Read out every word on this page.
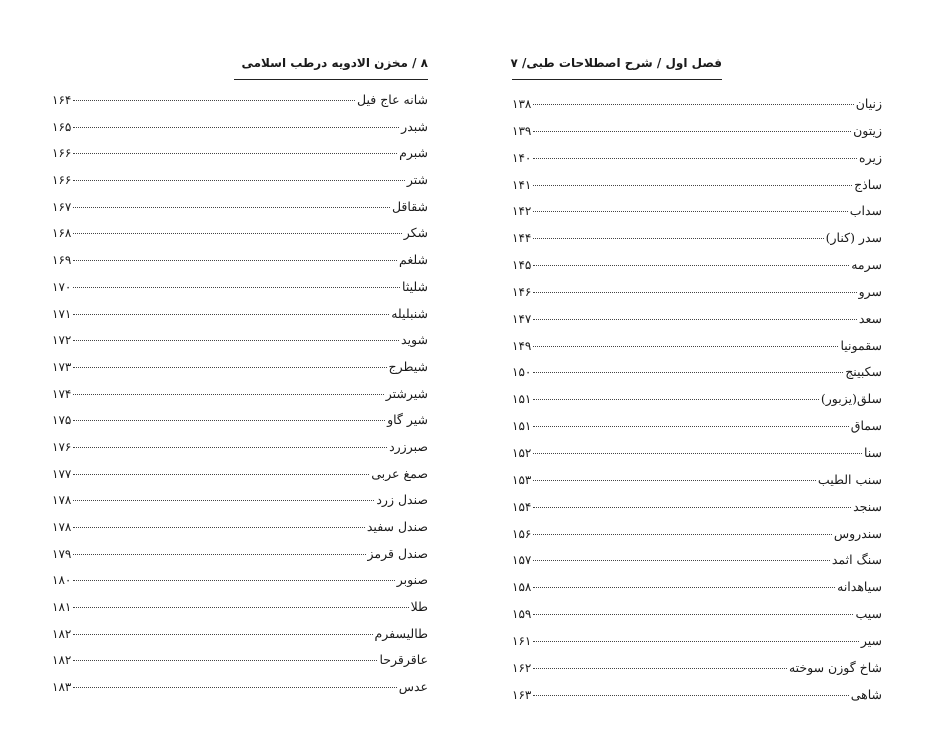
۸ / مخزن الادویه درطب اسلامی
شانه عاج فیل
۱۶۴
شبدر
۱۶۵
شبرم
۱۶۶
شتر
۱۶۶
شقاقل
۱۶۷
شکر
۱۶۸
شلغم
۱۶۹
شلیثا
۱۷۰
شنبلیله
۱۷۱
شوید
۱۷۲
شیطرج
۱۷۳
شیرشتر
۱۷۴
شیر گاو
۱۷۵
صبرزرد
۱۷۶
صمغ عربی
۱۷۷
صندل زرد
۱۷۸
صندل سفید
۱۷۸
صندل قرمز
۱۷۹
صنوبر
۱۸۰
طلا
۱۸۱
طالیسفرم
۱۸۲
عاقرقرحا
۱۸۲
عدس
۱۸۳
فصل اول / شرح اصطلاحات طبی/ ۷
زنیان
۱۳۸
زیتون
۱۳۹
زیره
۱۴۰
ساذج
۱۴۱
سداب
۱۴۲
سدر (کنار)
۱۴۴
سرمه
۱۴۵
سرو
۱۴۶
سعد
۱۴۷
سقمونیا
۱۴۹
سکبینج
۱۵۰
سلق(یزبور)
۱۵۱
سماق
۱۵۱
سنا
۱۵۲
سنب الطیب
۱۵۳
سنجد
۱۵۴
سندروس
۱۵۶
سنگ اثمد
۱۵۷
سیاهدانه
۱۵۸
سیب
۱۵۹
سیر
۱۶۱
شاخ گوزن سوخته
۱۶۲
شاهی
۱۶۳
